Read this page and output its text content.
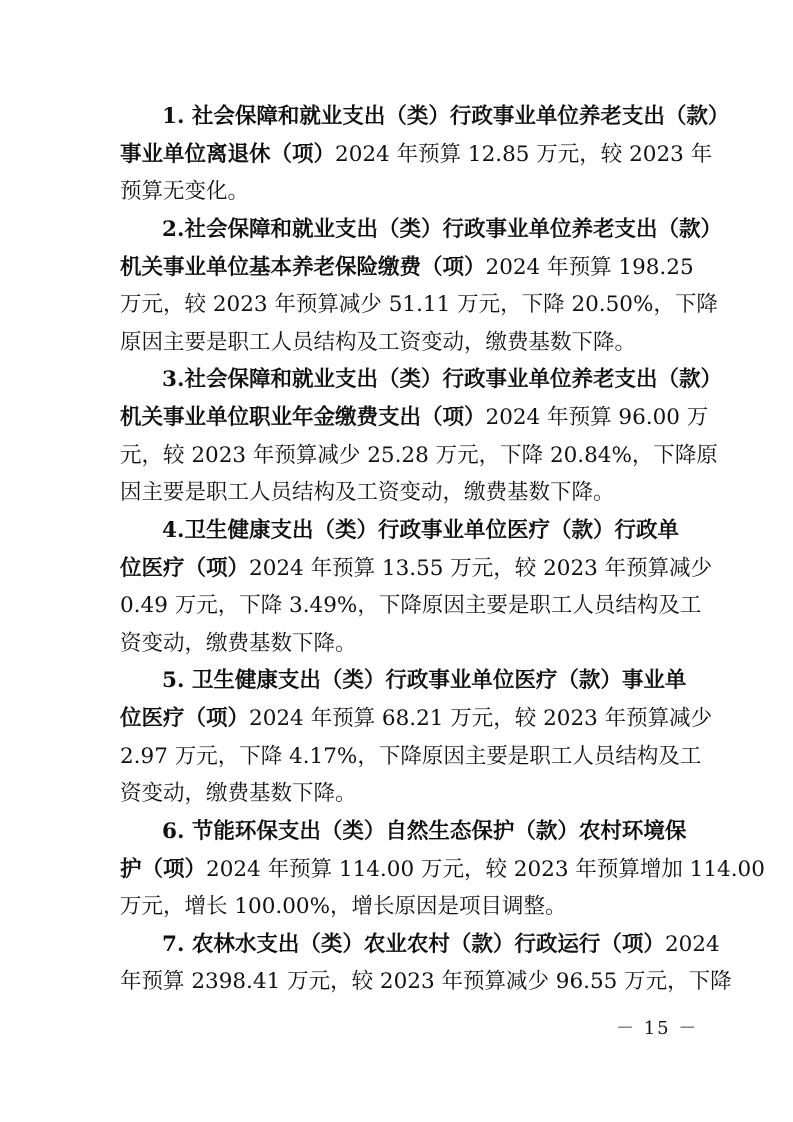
1. 社会保障和就业支出（类）行政事业单位养老支出（款）
事业单位离退休（项）2024 年预算 12.85 万元，较 2023 年
预算无变化。
2.社会保障和就业支出（类）行政事业单位养老支出（款）
机关事业单位基本养老保险缴费（项）2024 年预算 198.25
万元，较 2023 年预算减少 51.11 万元，下降 20.50%，下降
原因主要是职工人员结构及工资变动，缴费基数下降。
3.社会保障和就业支出（类）行政事业单位养老支出（款）
机关事业单位职业年金缴费支出（项）2024 年预算 96.00 万
元，较 2023 年预算减少 25.28 万元，下降 20.84%，下降原
因主要是职工人员结构及工资变动，缴费基数下降。
4.卫生健康支出（类）行政事业单位医疗（款）行政单
位医疗（项）2024 年预算 13.55 万元，较 2023 年预算减少
0.49 万元，下降 3.49%，下降原因主要是职工人员结构及工
资变动，缴费基数下降。
5. 卫生健康支出（类）行政事业单位医疗（款）事业单
位医疗（项）2024 年预算 68.21 万元，较 2023 年预算减少
2.97 万元，下降 4.17%，下降原因主要是职工人员结构及工
资变动，缴费基数下降。
6. 节能环保支出（类）自然生态保护（款）农村环境保
护（项）2024 年预算 114.00 万元，较 2023 年预算增加 114.00
万元，增长 100.00%，增长原因是项目调整。
7. 农林水支出（类）农业农村（款）行政运行（项）2024
年预算 2398.41 万元，较 2023 年预算减少 96.55 万元，下降
－ 15 －
